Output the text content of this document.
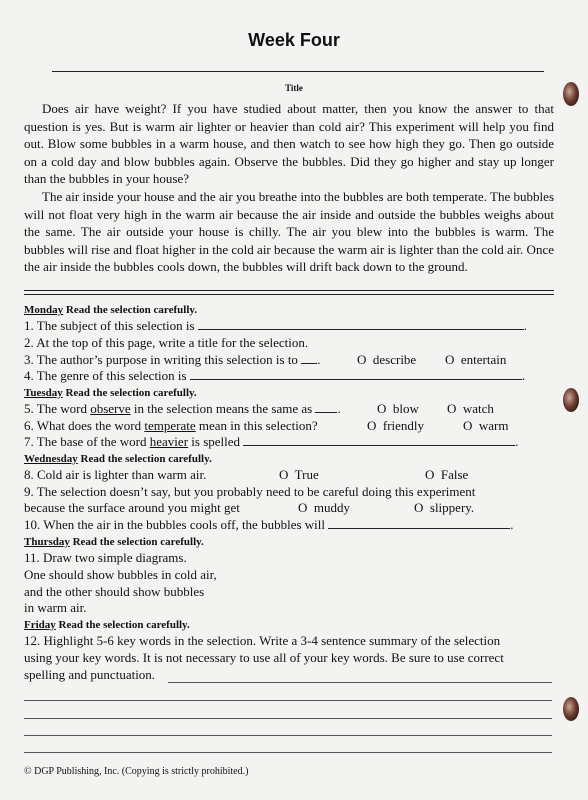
Week Four
Title

Does air have weight? If you have studied about matter, then you know the answer to that question is yes. But is warm air lighter or heavier than cold air? This experiment will help you find out. Blow some bubbles in a warm house, and then watch to see how high they go. Then go outside on a cold day and blow bubbles again. Observe the bubbles. Did they go higher and stay up longer than the bubbles in your house?

The air inside your house and the air you breathe into the bubbles are both temperate. The bubbles will not float very high in the warm air because the air inside and outside the bubbles weighs about the same. The air outside your house is chilly. The air you blew into the bubbles is warm. The bubbles will rise and float higher in the cold air because the warm air is lighter than the cold air. Once the air inside the bubbles cools down, the bubbles will drift back down to the ground.

Monday Read the selection carefully.
1. The subject of this selection is	.
2. At the top of this page, write a title for the selection.
3. The author’s purpose in writing this selection is to .	O describe O entertain
4. The genre of this selection is	.
Tuesday Read the selection carefully.
5. The word observe in the selection means the same as .	O blow O watch
6. What does the word temperate mean in this selection?	O friendly	O warm
7. The base of the word heavier is spelled	.
Wednesday Read the selection carefully.
8. Cold air is lighter than warm air.	O True	O False
9. The selection doesn’t say, but you probably need to be careful doing this experiment
because the surface around you might get	O muddy	O slippery.
10. When the air in the bubbles cools off, the bubbles will	.
Thursday Read the selection carefully.
11. Draw two simple diagrams.
One should show bubbles in cold air,
and the other should show bubbles
in warm air.
Friday Read the selection carefully.
12. Highlight 5-6 key words in the selection. Write a 3-4 sentence summary of the selection
using your key words. It is not necessary to use all of your key words. Be sure to use correct
spelling and punctuation.
© DGP Publishing, Inc. (Copying is strictly prohibited.)
